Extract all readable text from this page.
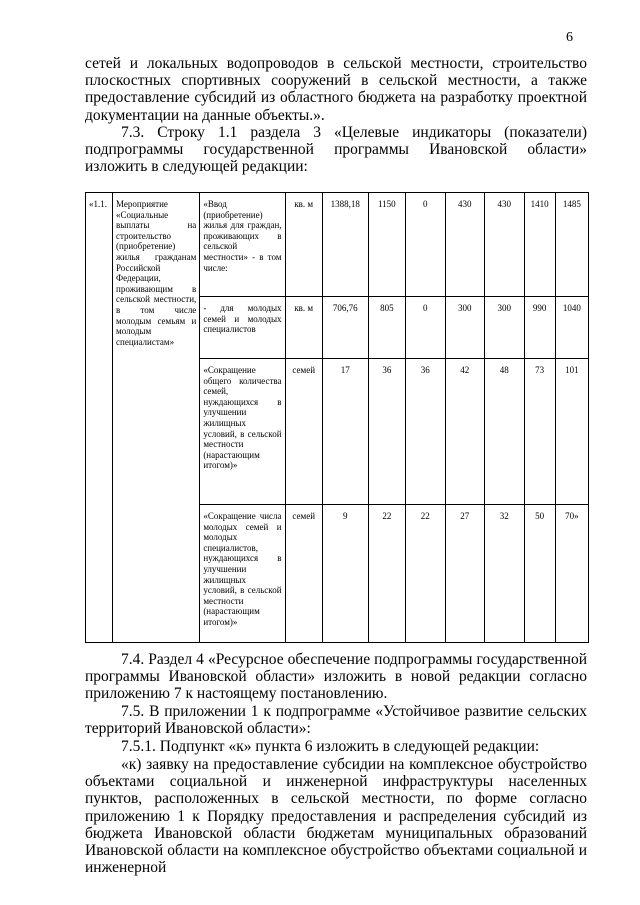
6
сетей и локальных водопроводов в сельской местности, строительство плоскостных спортивных сооружений в сельской местности, а также предоставление субсидий из областного бюджета на разработку проектной документации на данные объекты.».
7.3. Строку 1.1 раздела 3 «Целевые индикаторы (показатели) подпрограммы государственной программы Ивановской области» изложить в следующей редакции:
«1.1.	Мероприятие «Социальные выплаты на строительство (приобретение) жилья гражданам Российской Федерации, проживающим в сельской местности, в том числе молодым семьям и молодым специалистам»	«Ввод (приобретение) жилья для граждан, проживающих в сельской местности» - в том числе:	кв. м	1388,18	1150	0	430	430	1410	1485
		- для молодых семей и молодых специалистов	кв. м	706,76	805	0	300	300	990	1040
		«Сокращение общего количества семей, нуждающихся в улучшении жилищных условий, в сельской местности (нарастающим итогом)»	семей	17	36	36	42	48	73	101
		«Сокращение числа молодых семей и молодых специалистов, нуждающихся в улучшении жилищных условий, в сельской местности (нарастающим итогом)»	семей	9	22	22	27	32	50	70»
7.4. Раздел 4 «Ресурсное обеспечение подпрограммы государственной программы Ивановской области» изложить в новой редакции согласно приложению 7 к настоящему постановлению.
7.5. В приложении 1 к подпрограмме «Устойчивое развитие сельских территорий Ивановской области»:
7.5.1. Подпункт «к» пункта 6 изложить в следующей редакции:
«к) заявку на предоставление субсидии на комплексное обустройство объектами социальной и инженерной инфраструктуры населенных пунктов, расположенных в сельской местности, по форме согласно приложению 1 к Порядку предоставления и распределения субсидий из бюджета Ивановской области бюджетам муниципальных образований Ивановской области на комплексное обустройство объектами социальной и инженерной
